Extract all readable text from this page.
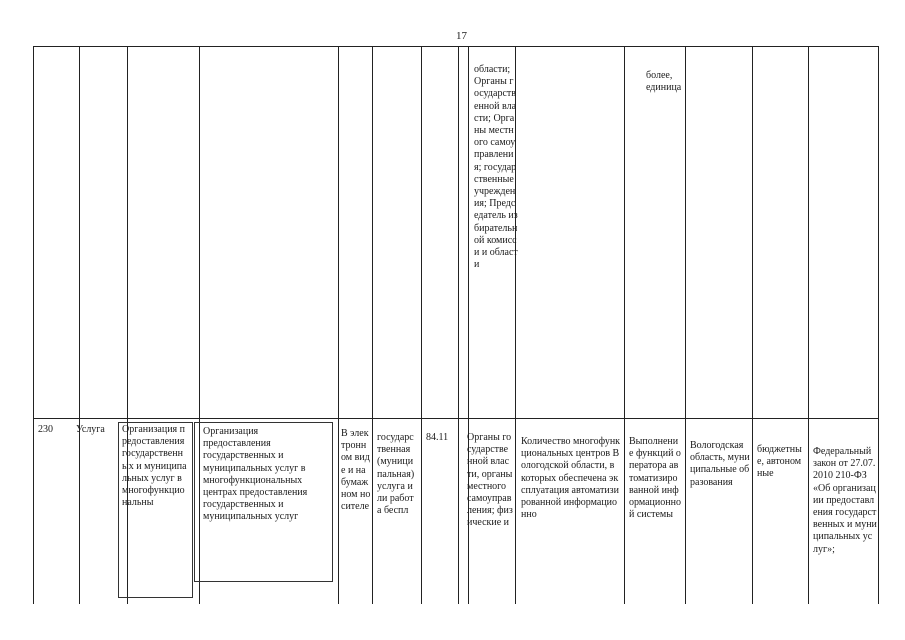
17
области; Органы государственной власти; Органы местного самоуправления; государственные учреждения; Председатель избирательной комисси и области
более, единица
230	Услуга	Организация предоставления государственных и муниципальных услуг в многофункциональны
Организация предоставления государственных и муниципальных услуг в многофункциональных центрах предоставления государственных и муниципальных услуг
В электронном виде и на бумажном носителе
государственная (муниципальная) услуга или работа беспл
84.11 Органы государственной власти, органы местного самоуправления; физические и
Количество многофункциональных центров Вологодской области, в которых обеспечена эксплуатация автоматизированной информационно
Выполнение функций оператора автоматизированной информационной системы
Вологодская область, муниципальные образования
бюджетные, автономные
Федеральный закон от 27.07.2010 210-ФЗ «Об организации предоставления государственных и муниципальных услуг»;
